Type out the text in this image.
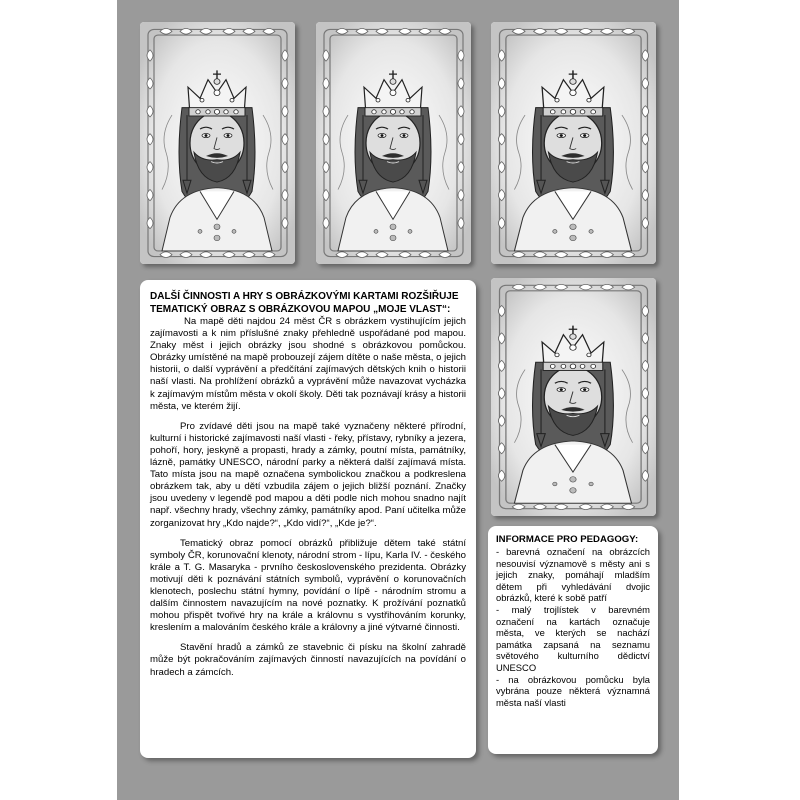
DALŠÍ ČINNOSTI A HRY S OBRÁZKOVÝMI KARTAMI ROZŠIŘUJE TEMATICKÝ OBRAZ S OBRÁZKOVOU MAPOU „MOJE VLAST“:

Na mapě děti najdou 24 měst ČR s obrázkem vystihujícím jejich zajímavosti a k nim příslušné znaky přehledně uspořádané pod mapou. Znaky měst i jejich obrázky jsou shodné s obrázkovou pomůckou. Obrázky umístěné na mapě probouzejí zájem dítěte o naše města, o jejich historii, o další vyprávění a předčítání zajímavých dětských knih o historii naší vlasti. Na prohlížení obrázků a vyprávění může navazovat vycházka k zajímavým místům města v okolí školy. Děti tak poznávají krásy a historii města, ve kterém žijí.

Pro zvídavé děti jsou na mapě také vyznačeny některé přírodní, kulturní i historické zajímavosti naší vlasti - řeky, přístavy, rybníky a jezera, pohoří, hory, jeskyně a propasti, hrady a zámky, poutní místa, památníky, lázně, památky UNESCO, národní parky a některá další zajímavá místa. Tato místa jsou na mapě označena symbolickou značkou a podkreslena obrázkem tak, aby u dětí vzbudila zájem o jejich bližší poznání. Značky jsou uvedeny v legendě pod mapou a děti podle nich mohou snadno najít např. všechny hrady, všechny zámky, památníky apod. Paní učitelka může zorganizovat hry „Kdo najde?“, „Kdo vidí?“, „Kde je?“.

Tematický obraz pomocí obrázků přibližuje dětem také státní symboly ČR, korunovační klenoty, národní strom - lípu, Karla IV. - českého krále a T. G. Masaryka - prvního československého prezidenta. Obrázky motivují děti k poznávání státních symbolů, vyprávění o korunovačních klenotech, poslechu státní hymny, povídání o lípě - národním stromu a dalším činnostem navazujícím na nové poznatky. K prožívání poznatků mohou přispět tvořivé hry na krále a královnu s vystřihováním korunky, kreslením a malováním českého krále a královny a jiné výtvarné činnosti.

Stavění hradů a zámků ze stavebnic či písku na školní zahradě může být pokračováním zajímavých činností navazujících na povídání o hradech a zámcích.

INFORMACE PRO PEDAGOGY:

- barevná označení na obrázcích nesouvisí významově s městy ani s jejich znaky, pomáhají mladším dětem při vyhledávání dvojic obrázků, které k sobě patří

- malý trojlístek v barevném označení na kartách označuje města, ve kterých se nachází památka zapsaná na seznamu světového kulturního dědictví UNESCO

- na obrázkovou pomůcku byla vybrána pouze některá významná města naší vlasti
